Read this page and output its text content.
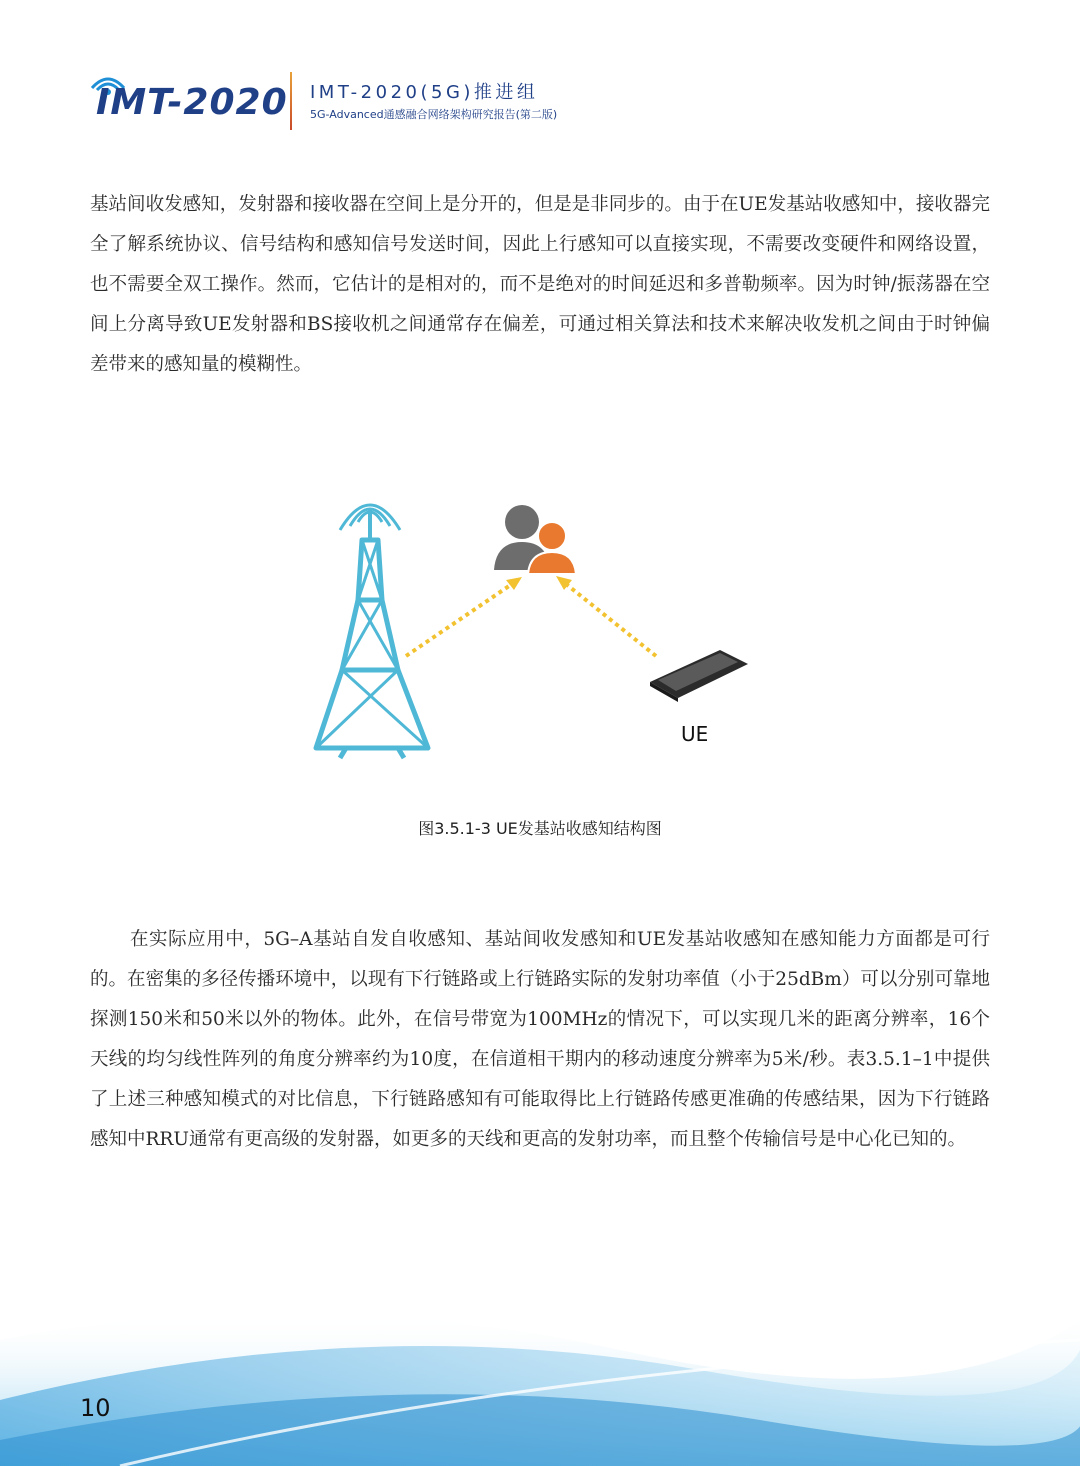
IMT-2020 IMT-2020(5G)推进组
5G-Advanced通感融合网络架构研究报告(第二版)

基站间收发感知，发射器和接收器在空间上是分开的，但是是非同步的。由于在UE发基站收感知中，接收器完全了解系统协议、信号结构和感知信号发送时间，因此上行感知可以直接实现，不需要改变硬件和网络设置，也不需要全双工操作。然而，它估计的是相对的，而不是绝对的时间延迟和多普勒频率。因为时钟/振荡器在空间上分离导致UE发射器和BS接收机之间通常存在偏差，可通过相关算法和技术来解决收发机之间由于时钟偏差带来的感知量的模糊性。

UE
图3.5.1-3 UE发基站收感知结构图

在实际应用中，5G–A基站自发自收感知、基站间收发感知和UE发基站收感知在感知能力方面都是可行的。在密集的多径传播环境中，以现有下行链路或上行链路实际的发射功率值（小于25dBm）可以分别可靠地探测150米和50米以外的物体。此外，在信号带宽为100MHz的情况下，可以实现几米的距离分辨率，16个天线的均匀线性阵列的角度分辨率约为10度，在信道相干期内的移动速度分辨率为5米/秒。表3.5.1–1中提供了上述三种感知模式的对比信息，下行链路感知有可能取得比上行链路传感更准确的传感结果，因为下行链路感知中RRU通常有更高级的发射器，如更多的天线和更高的发射功率，而且整个传输信号是中心化已知的。

10
